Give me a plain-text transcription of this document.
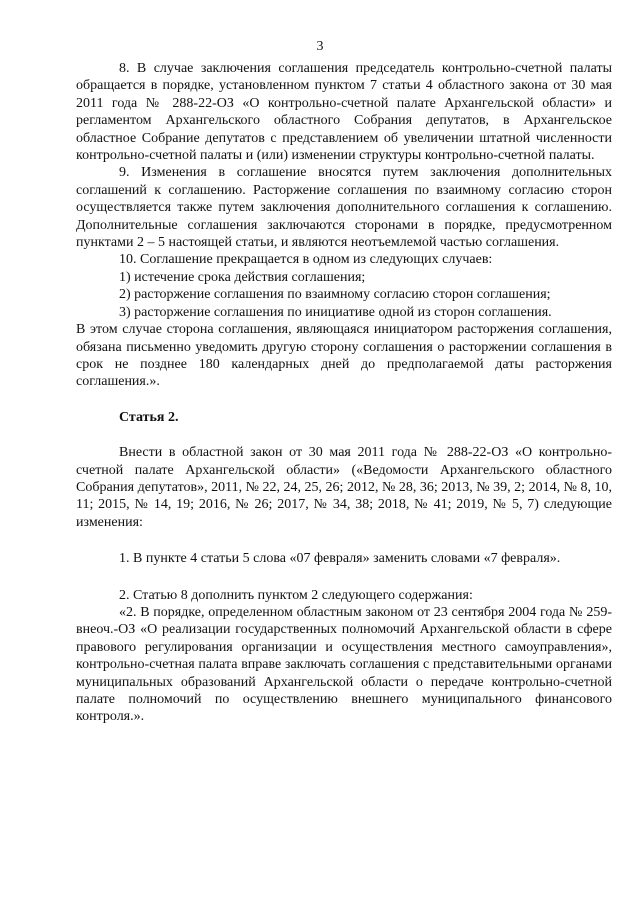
3

8. В случае заключения соглашения председатель контрольно-счетной палаты обращается в порядке, установленном пунктом 7 статьи 4 областного закона от 30 мая 2011 года № 288-22-ОЗ «О контрольно-счетной палате Архангельской области» и регламентом Архангельского областного Собрания депутатов, в Архангельское областное Собрание депутатов с представлением об увеличении штатной численности контрольно-счетной палаты и (или) изменении структуры контрольно-счетной палаты.

9. Изменения в соглашение вносятся путем заключения дополнительных соглашений к соглашению. Расторжение соглашения по взаимному согласию сторон осуществляется также путем заключения дополнительного соглашения к соглашению. Дополнительные соглашения заключаются сторонами в порядке, предусмотренном пунктами 2 – 5 настоящей статьи, и являются неотъемлемой частью соглашения.

10. Соглашение прекращается в одном из следующих случаев:

1) истечение срока действия соглашения;

2) расторжение соглашения по взаимному согласию сторон соглашения;

3) расторжение соглашения по инициативе одной из сторон соглашения.

В этом случае сторона соглашения, являющаяся инициатором расторжения соглашения, обязана письменно уведомить другую сторону соглашения о расторжении соглашения в срок не позднее 180 календарных дней до предполагаемой даты расторжения соглашения.».

Статья 2.

Внести в областной закон от 30 мая 2011 года № 288-22-ОЗ «О контрольно-счетной палате Архангельской области» («Ведомости Архангельского областного Собрания депутатов», 2011, № 22, 24, 25, 26; 2012, № 28, 36; 2013, № 39, 2; 2014, № 8, 10, 11; 2015, № 14, 19; 2016, № 26; 2017, № 34, 38; 2018, № 41; 2019, № 5, 7) следующие изменения:

1. В пункте 4 статьи 5 слова «07 февраля» заменить словами «7 февраля».

2. Статью 8 дополнить пунктом 2 следующего содержания:

«2. В порядке, определенном областным законом от 23 сентября 2004 года № 259-внеоч.-ОЗ «О реализации государственных полномочий Архангельской области в сфере правового регулирования организации и осуществления местного самоуправления», контрольно-счетная палата вправе заключать соглашения с представительными органами муниципальных образований Архангельской области о передаче контрольно-счетной палате полномочий по осуществлению внешнего муниципального финансового контроля.».
